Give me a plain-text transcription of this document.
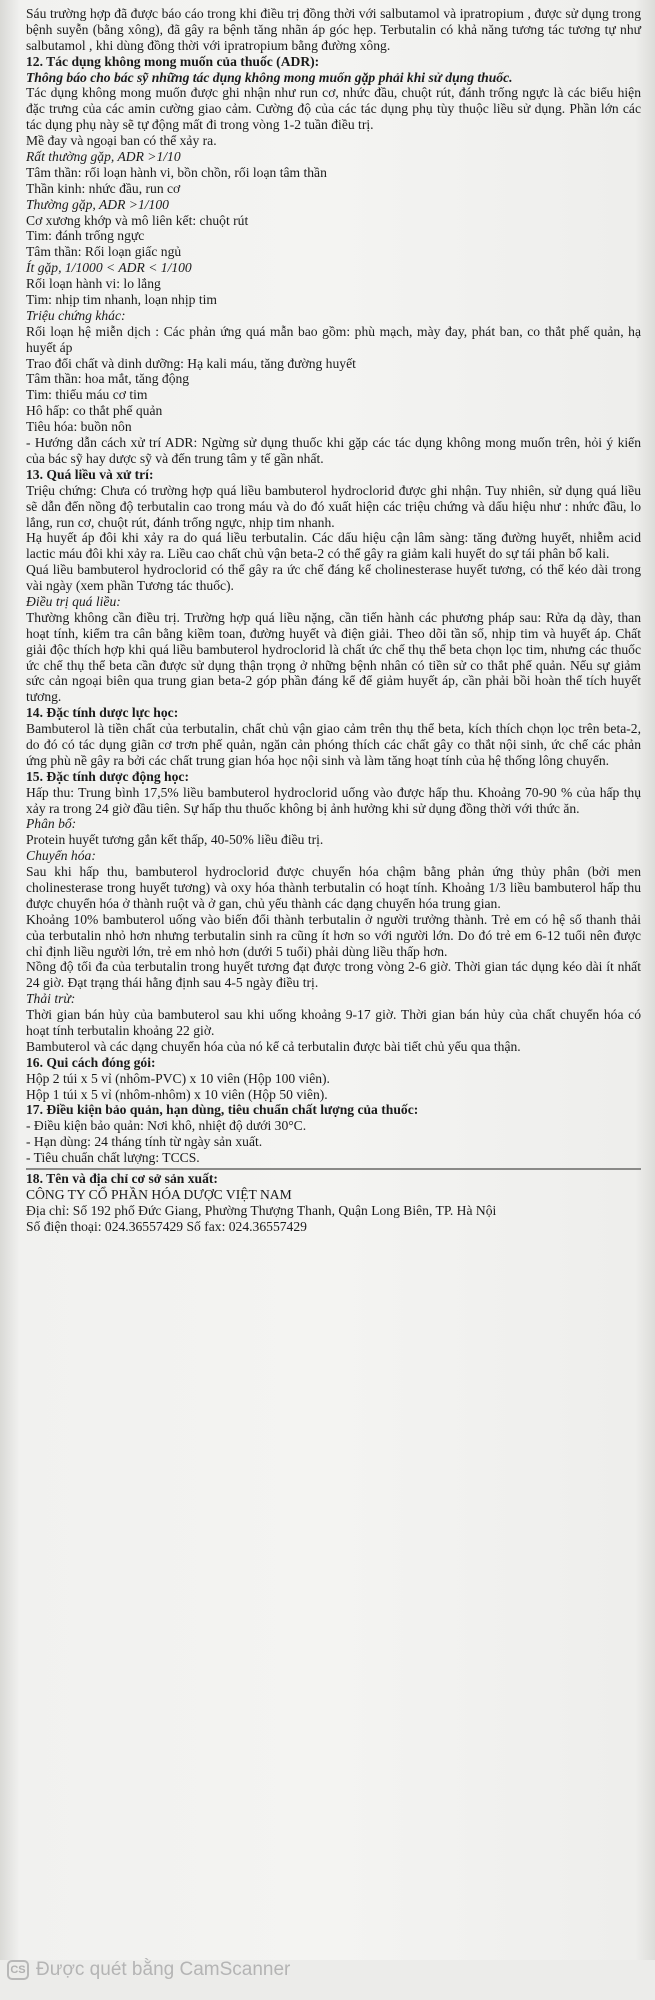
Sáu trường hợp đã được báo cáo trong khi điều trị đồng thời với salbutamol và ipratropium , được sử dụng trong bệnh suyễn (bằng xông), đã gây ra bệnh tăng nhãn áp góc hẹp. Terbutalin có khả năng tương tác tương tự như salbutamol , khi dùng đồng thời với ipratropium bằng đường xông.

12. Tác dụng không mong muốn của thuốc (ADR):

Thông báo cho bác sỹ những tác dụng không mong muốn gặp phải khi sử dụng thuốc.

Tác dụng không mong muốn được ghi nhận như run cơ, nhức đầu, chuột rút, đánh trống ngực là các biểu hiện đặc trưng của các amin cường giao cảm. Cường độ của các tác dụng phụ tùy thuộc liều sử dụng. Phần lớn các tác dụng phụ này sẽ tự động mất đi trong vòng 1-2 tuần điều trị.

Mề đay và ngoại ban có thể xảy ra.

Rất thường gặp, ADR >1/10

Tâm thần: rối loạn hành vi, bồn chồn, rối loạn tâm thần

Thần kinh: nhức đầu, run cơ

Thường gặp, ADR >1/100

Cơ xương khớp và mô liên kết: chuột rút

Tim: đánh trống ngực

Tâm thần: Rối loạn giấc ngủ

Ít gặp, 1/1000 < ADR < 1/100

Rối loạn hành vi: lo lắng

Tim: nhịp tim nhanh, loạn nhịp tim

Triệu chứng khác:

Rối loạn hệ miễn dịch : Các phản ứng quá mẫn bao gồm: phù mạch, mày đay, phát ban, co thắt phế quản, hạ huyết áp

Trao đổi chất và dinh dưỡng: Hạ kali máu, tăng đường huyết

Tâm thần: hoa mắt, tăng động

Tim: thiếu máu cơ tim

Hô hấp: co thắt phế quản

Tiêu hóa: buồn nôn

- Hướng dẫn cách xử trí ADR: Ngừng sử dụng thuốc khi gặp các tác dụng không mong muốn trên, hỏi ý kiến của bác sỹ hay dược sỹ và đến trung tâm y tế gần nhất.

13. Quá liều và xử trí:

Triệu chứng: Chưa có trường hợp quá liều bambuterol hydroclorid được ghi nhận. Tuy nhiên, sử dụng quá liều sẽ dẫn đến nồng độ terbutalin cao trong máu và do đó xuất hiện các triệu chứng và dấu hiệu như : nhức đầu, lo lắng, run cơ, chuột rút, đánh trống ngực, nhịp tim nhanh.

Hạ huyết áp đôi khi xảy ra do quá liều terbutalin. Các dấu hiệu cận lâm sàng: tăng đường huyết, nhiễm acid lactic máu đôi khi xảy ra. Liều cao chất chủ vận beta-2 có thể gây ra giảm kali huyết do sự tái phân bố kali.

Quá liều bambuterol hydroclorid có thể gây ra ức chế đáng kể cholinesterase huyết tương, có thể kéo dài trong vài ngày (xem phần Tương tác thuốc).

Điều trị quá liều:

Thường không cần điều trị. Trường hợp quá liều nặng, cần tiến hành các phương pháp sau: Rửa dạ dày, than hoạt tính, kiểm tra cân bằng kiềm toan, đường huyết và điện giải. Theo dõi tần số, nhịp tim và huyết áp. Chất giải độc thích hợp khi quá liều bambuterol hydroclorid là chất ức chế thụ thể beta chọn lọc tim, nhưng các thuốc ức chế thụ thể beta cần được sử dụng thận trọng ở những bệnh nhân có tiền sử co thắt phế quản. Nếu sự giảm sức cản ngoại biên qua trung gian beta-2 góp phần đáng kể để giảm huyết áp, cần phải bồi hoàn thể tích huyết tương.

14. Đặc tính dược lực học:

Bambuterol là tiền chất của terbutalin, chất chủ vận giao cảm trên thụ thể beta, kích thích chọn lọc trên beta-2, do đó có tác dụng giãn cơ trơn phế quản, ngăn cản phóng thích các chất gây co thắt nội sinh, ức chế các phản ứng phù nề gây ra bởi các chất trung gian hóa học nội sinh và làm tăng hoạt tính của hệ thống lông chuyển.

15. Đặc tính dược động học:

Hấp thu: Trung bình 17,5% liều bambuterol hydroclorid uống vào được hấp thu. Khoảng 70-90 % của hấp thụ xảy ra trong 24 giờ đầu tiên. Sự hấp thu thuốc không bị ảnh hưởng khi sử dụng đồng thời với thức ăn.

Phân bố:

Protein huyết tương gắn kết thấp, 40-50% liều điều trị.

Chuyển hóa:

Sau khi hấp thu, bambuterol hydroclorid được chuyển hóa chậm bằng phản ứng thủy phân (bởi men cholinesterase trong huyết tương) và oxy hóa thành terbutalin có hoạt tính. Khoảng 1/3 liều bambuterol hấp thu được chuyển hóa ở thành ruột và ở gan, chủ yếu thành các dạng chuyển hóa trung gian.

Khoảng 10% bambuterol uống vào biến đổi thành terbutalin ở người trưởng thành. Trẻ em có hệ số thanh thải của terbutalin nhỏ hơn nhưng terbutalin sinh ra cũng ít hơn so với người lớn. Do đó trẻ em 6-12 tuổi nên được chỉ định liều người lớn, trẻ em nhỏ hơn (dưới 5 tuổi) phải dùng liều thấp hơn.

Nồng độ tối đa của terbutalin trong huyết tương đạt được trong vòng 2-6 giờ. Thời gian tác dụng kéo dài ít nhất 24 giờ. Đạt trạng thái hằng định sau 4-5 ngày điều trị.

Thải trừ:

Thời gian bán hủy của bambuterol sau khi uống khoảng 9-17 giờ. Thời gian bán hủy của chất chuyển hóa có hoạt tính terbutalin khoảng 22 giờ.

Bambuterol và các dạng chuyển hóa của nó kể cả terbutalin được bài tiết chủ yếu qua thận.

16. Qui cách đóng gói:

Hộp 2 túi x 5 vỉ (nhôm-PVC) x 10 viên (Hộp 100 viên).

Hộp 1 túi x 5 vỉ (nhôm-nhôm) x 10 viên (Hộp 50 viên).

17. Điều kiện bảo quản, hạn dùng, tiêu chuẩn chất lượng của thuốc:

- Điều kiện bảo quản: Nơi khô, nhiệt độ dưới 30°C.

- Hạn dùng: 24 tháng tính từ ngày sản xuất.

- Tiêu chuẩn chất lượng: TCCS.

18. Tên và địa chỉ cơ sở sản xuất:

CÔNG TY CỔ PHẦN HÓA DƯỢC VIỆT NAM

Địa chỉ: Số 192 phố Đức Giang, Phường Thượng Thanh, Quận Long Biên, TP. Hà Nội

Số điện thoại: 024.36557429 Số fax: 024.36557429

CS Được quét bằng CamScanner
